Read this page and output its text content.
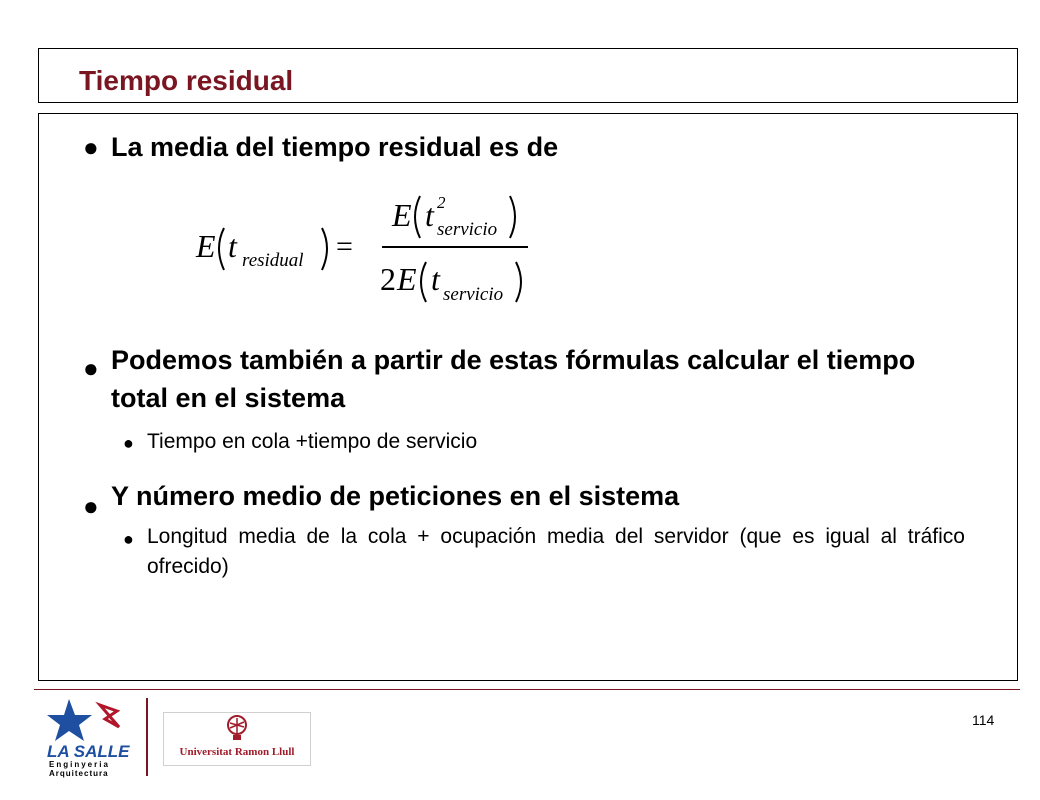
Tiempo residual
● La media del tiempo residual es de
E t residual =
E t 2
servicio
2 E t servicio
● Podemos también a partir de estas fórmulas calcular el tiempo total en el sistema
● Tiempo en cola +tiempo de servicio
● Y número medio de peticiones en el sistema
● Longitud media de la cola + ocupación media del servidor (que es igual al tráfico ofrecido)
LA SALLE
Enginyeria
Arquitectura
Universitat Ramon Llull
114
